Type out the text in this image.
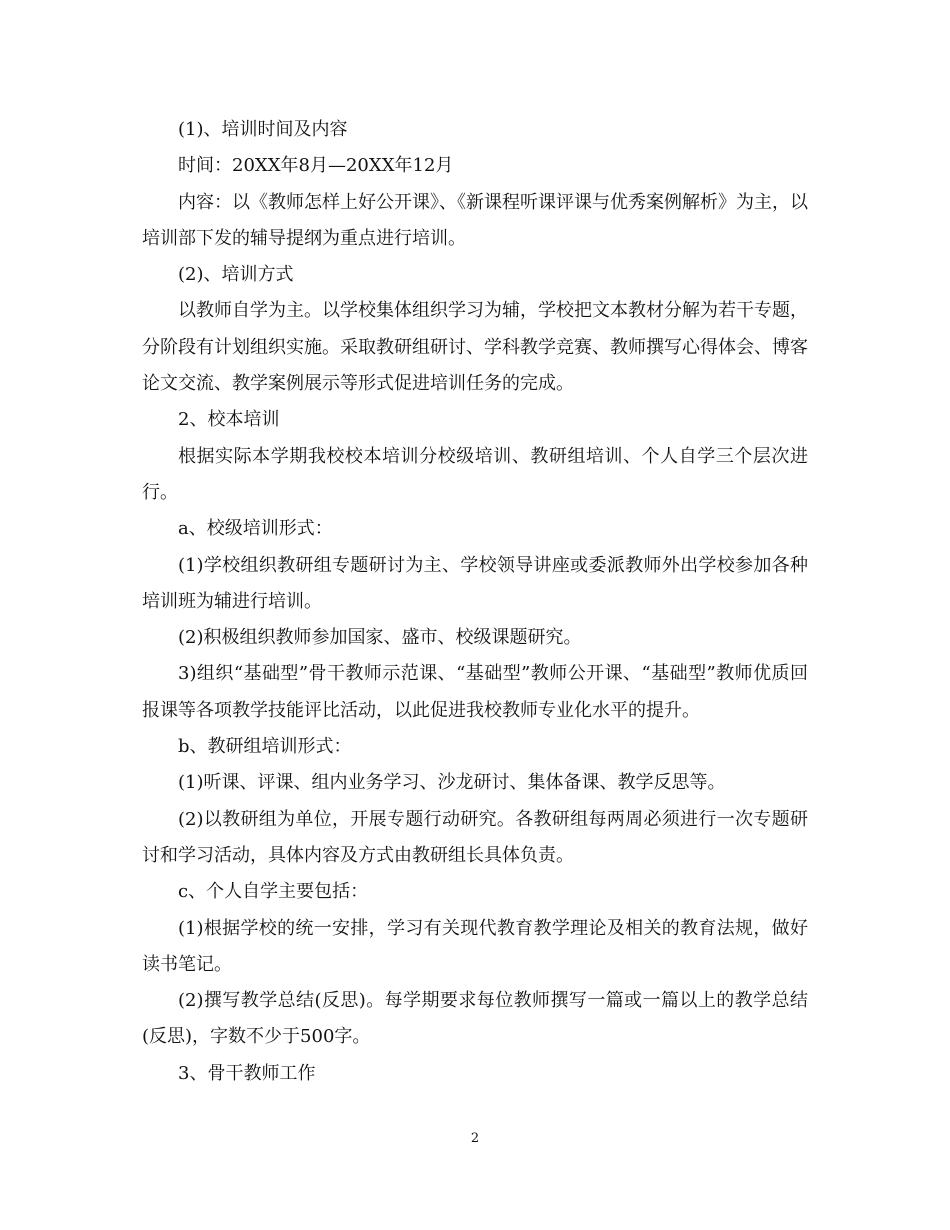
(1)、培训时间及内容

时间：20XX年8月—20XX年12月

内容：以《教师怎样上好公开课》、《新课程听课评课与优秀案例解析》为主，以培训部下发的辅导提纲为重点进行培训。

(2)、培训方式

以教师自学为主。以学校集体组织学习为辅，学校把文本教材分解为若干专题，分阶段有计划组织实施。采取教研组研讨、学科教学竞赛、教师撰写心得体会、博客论文交流、教学案例展示等形式促进培训任务的完成。

2、校本培训

根据实际本学期我校校本培训分校级培训、教研组培训、个人自学三个层次进行。

a、校级培训形式：

(1)学校组织教研组专题研讨为主、学校领导讲座或委派教师外出学校参加各种培训班为辅进行培训。

(2)积极组织教师参加国家、盛市、校级课题研究。

3)组织“基础型”骨干教师示范课、“基础型”教师公开课、“基础型”教师优质回报课等各项教学技能评比活动，以此促进我校教师专业化水平的提升。

b、教研组培训形式：

(1)听课、评课、组内业务学习、沙龙研讨、集体备课、教学反思等。

(2)以教研组为单位，开展专题行动研究。各教研组每两周必须进行一次专题研讨和学习活动，具体内容及方式由教研组长具体负责。

c、个人自学主要包括：

(1)根据学校的统一安排，学习有关现代教育教学理论及相关的教育法规，做好读书笔记。

(2)撰写教学总结(反思)。每学期要求每位教师撰写一篇或一篇以上的教学总结(反思)，字数不少于500字。

3、骨干教师工作

2
